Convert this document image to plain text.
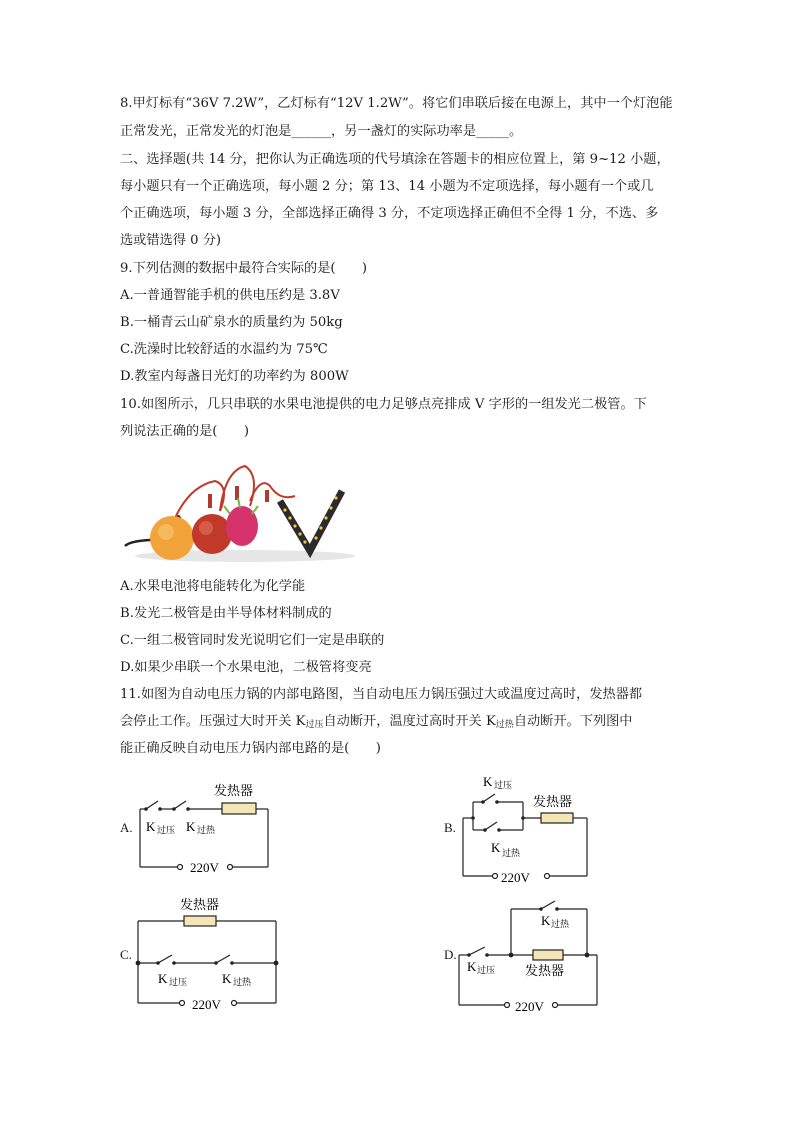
8.甲灯标有“36V 7.2W”，乙灯标有“12V 1.2W”。将它们串联后接在电源上，其中一个灯泡能
正常发光，正常发光的灯泡是______，另一盏灯的实际功率是_____。
二、选择题(共 14 分，把你认为正确选项的代号填涂在答题卡的相应位置上，第 9~12 小题，
每小题只有一个正确选项，每小题 2 分；第 13、14 小题为不定项选择，每小题有一个或几
个正确选项，每小题 3 分，全部选择正确得 3 分，不定项选择正确但不全得 1 分，不选、多
选或错选得 0 分)
9.下列估测的数据中最符合实际的是(　　)
A.一普通智能手机的供电压约是 3.8V
B.一桶青云山矿泉水的质量约为 50kg
C.洗澡时比较舒适的水温约为 75℃
D.教室内每盏日光灯的功率约为 800W
10.如图所示，几只串联的水果电池提供的电力足够点亮排成 V 字形的一组发光二极管。下
列说法正确的是(　　)
A.水果电池将电能转化为化学能
B.发光二极管是由半导体材料制成的
C.一组二极管同时发光说明它们一定是串联的
D.如果少串联一个水果电池，二极管将变亮
11.如图为自动电压力锅的内部电路图，当自动电压力锅压强过大或温度过高时，发热器都
会停止工作。压强过大时开关 $K_{过压}$自动断开，温度过高时开关 $K_{过热}$自动断开。下列图中
能正确反映自动电压力锅内部电路的是(　　)
A.
发热器
K 过压 K 过热
220V
B.
K 过压
发热器
K 过热
220V
C.
发热器
K 过压	K 过热
220V
D.
K 过热
K 过压 发热器
220V
